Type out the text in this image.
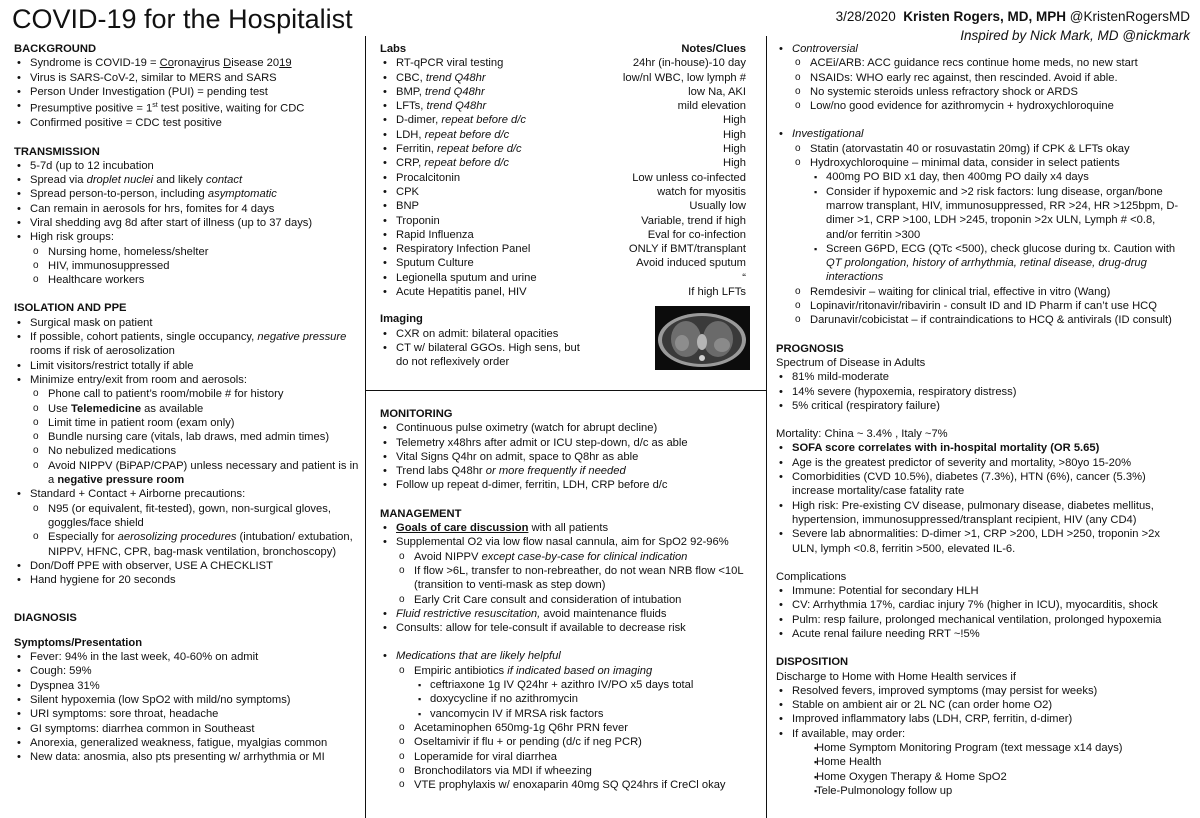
COVID-19 for the Hospitalist	3/28/2020 Kristen Rogers, MD, MPH @KristenRogersMD
Inspired by Nick Mark, MD @nickmark
BACKGROUND
• Syndrome is COVID-19 = Coronavirus Disease 2019
• Virus is SARS-CoV-2, similar to MERS and SARS
• Person Under Investigation (PUI) = pending test
• Presumptive positive = 1st test positive, waiting for CDC
• Confirmed positive = CDC test positive
TRANSMISSION
• 5-7d (up to 12 incubation
• Spread via droplet nuclei and likely contact
• Spread person-to-person, including asymptomatic
• Can remain in aerosols for hrs, fomites for 4 days
• Viral shedding avg 8d after start of illness (up to 37 days)
• High risk groups:
o Nursing home, homeless/shelter
o HIV, immunosuppressed
o Healthcare workers
ISOLATION AND PPE
• Surgical mask on patient
• If possible, cohort patients, single occupancy, negative pressure rooms if risk of aerosolization
• Limit visitors/restrict totally if able
• Minimize entry/exit from room and aerosols:
o Phone call to patient’s room/mobile # for history
o Use Telemedicine as available
o Limit time in patient room (exam only)
o Bundle nursing care (vitals, lab draws, med admin times)
o No nebulized medications
o Avoid NIPPV (BiPAP/CPAP) unless necessary and patient is in a negative pressure room
• Standard + Contact + Airborne precautions:
o N95 (or equivalent, fit-tested), gown, non-surgical gloves, goggles/face shield
o Especially for aerosolizing procedures (intubation/ extubation, NIPPV, HFNC, CPR, bag-mask ventilation, bronchoscopy)
• Don/Doff PPE with observer, USE A CHECKLIST
• Hand hygiene for 20 seconds
DIAGNOSIS
Symptoms/Presentation
• Fever: 94% in the last week, 40-60% on admit
• Cough: 59%
• Dyspnea 31%
• Silent hypoxemia (low SpO2 with mild/no symptoms)
• URI symptoms: sore throat, headache
• GI symptoms: diarrhea common in Southeast
• Anorexia, generalized weakness, fatigue, myalgias common
• New data: anosmia, also pts presenting w/ arrhythmia or MI
Labs	Notes/Clues
• RT-qPCR viral testing	24hr (in-house)-10 day
• CBC, trend Q48hr	low/nl WBC, low lymph #
• BMP, trend Q48hr	low Na, AKI
• LFTs, trend Q48hr	mild elevation
• D-dimer, repeat before d/c	High
• LDH, repeat before d/c	High
• Ferritin, repeat before d/c	High
• CRP, repeat before d/c	High
• Procalcitonin	Low unless co-infected
• CPK	watch for myositis
• BNP	Usually low
• Troponin	Variable, trend if high
• Rapid Influenza	Eval for co-infection
• Respiratory Infection Panel	ONLY if BMT/transplant
• Sputum Culture	Avoid induced sputum
• Legionella sputum and urine	“
• Acute Hepatitis panel, HIV	If high LFTs
Imaging
• CXR on admit: bilateral opacities
• CT w/ bilateral GGOs. High sens, but do not reflexively order
MONITORING
• Continuous pulse oximetry (watch for abrupt decline)
• Telemetry x48hrs after admit or ICU step-down, d/c as able
• Vital Signs Q4hr on admit, space to Q8hr as able
• Trend labs Q48hr or more frequently if needed
• Follow up repeat d-dimer, ferritin, LDH, CRP before d/c
MANAGEMENT
• Goals of care discussion with all patients
• Supplemental O2 via low flow nasal cannula, aim for SpO2 92-96%
o Avoid NIPPV except case-by-case for clinical indication
o If flow >6L, transfer to non-rebreather, do not wean NRB flow <10L (transition to venti-mask as step down)
o Early Crit Care consult and consideration of intubation
• Fluid restrictive resuscitation, avoid maintenance fluids
• Consults: allow for tele-consult if available to decrease risk
• Medications that are likely helpful
o Empiric antibiotics if indicated based on imaging
▪ ceftriaxone 1g IV Q24hr + azithro IV/PO x5 days total
▪ doxycycline if no azithromycin
▪ vancomycin IV if MRSA risk factors
o Acetaminophen 650mg-1g Q6hr PRN fever
o Oseltamivir if flu + or pending (d/c if neg PCR)
o Loperamide for viral diarrhea
o Bronchodilators via MDI if wheezing
o VTE prophylaxis w/ enoxaparin 40mg SQ Q24hrs if CreCl okay
• Controversial
o ACEi/ARB: ACC guidance recs continue home meds, no new start
o NSAIDs: WHO early rec against, then rescinded. Avoid if able.
o No systemic steroids unless refractory shock or ARDS
o Low/no good evidence for azithromycin + hydroxychloroquine
• Investigational
o Statin (atorvastatin 40 or rosuvastatin 20mg) if CPK & LFTs okay
o Hydroxychloroquine – minimal data, consider in select patients
▪ 400mg PO BID x1 day, then 400mg PO daily x4 days
▪ Consider if hypoxemic and >2 risk factors: lung disease, organ/bone marrow transplant, HIV, immunosuppressed, RR >24, HR >125bpm, D-dimer >1, CRP >100, LDH >245, troponin >2x ULN, Lymph # <0.8, and/or ferritin >300
▪ Screen G6PD, ECG (QTc <500), check glucose during tx. Caution with QT prolongation, history of arrhythmia, retinal disease, drug-drug interactions
o Remdesivir – waiting for clinical trial, effective in vitro (Wang)
o Lopinavir/ritonavir/ribavirin - consult ID and ID Pharm if can’t use HCQ
o Darunavir/cobicistat – if contraindications to HCQ & antivirals (ID consult)
PROGNOSIS
Spectrum of Disease in Adults
• 81% mild-moderate
• 14% severe (hypoxemia, respiratory distress)
• 5% critical (respiratory failure)
Mortality: China ~ 3.4% , Italy ~7%
• SOFA score correlates with in-hospital mortality (OR 5.65)
• Age is the greatest predictor of severity and mortality, >80yo 15-20%
• Comorbidities (CVD 10.5%), diabetes (7.3%), HTN (6%), cancer (5.3%) increase mortality/case fatality rate
• High risk: Pre-existing CV disease, pulmonary disease, diabetes mellitus, hypertension, immunosuppressed/transplant recipient, HIV (any CD4)
• Severe lab abnormalities: D-dimer >1, CRP >200, LDH >250, troponin >2x ULN, lymph <0.8, ferritin >500, elevated IL-6.
Complications
• Immune: Potential for secondary HLH
• CV: Arrhythmia 17%, cardiac injury 7% (higher in ICU), myocarditis, shock
• Pulm: resp failure, prolonged mechanical ventilation, prolonged hypoxemia
• Acute renal failure needing RRT ~!5%
DISPOSITION
Discharge to Home with Home Health services if
• Resolved fevers, improved symptoms (may persist for weeks)
• Stable on ambient air or 2L NC (can order home O2)
• Improved inflammatory labs (LDH, CRP, ferritin, d-dimer)
• If available, may order:
▪ Home Symptom Monitoring Program (text message x14 days)
▪ Home Health
▪ Home Oxygen Therapy & Home SpO2
▪ Tele-Pulmonology follow up
